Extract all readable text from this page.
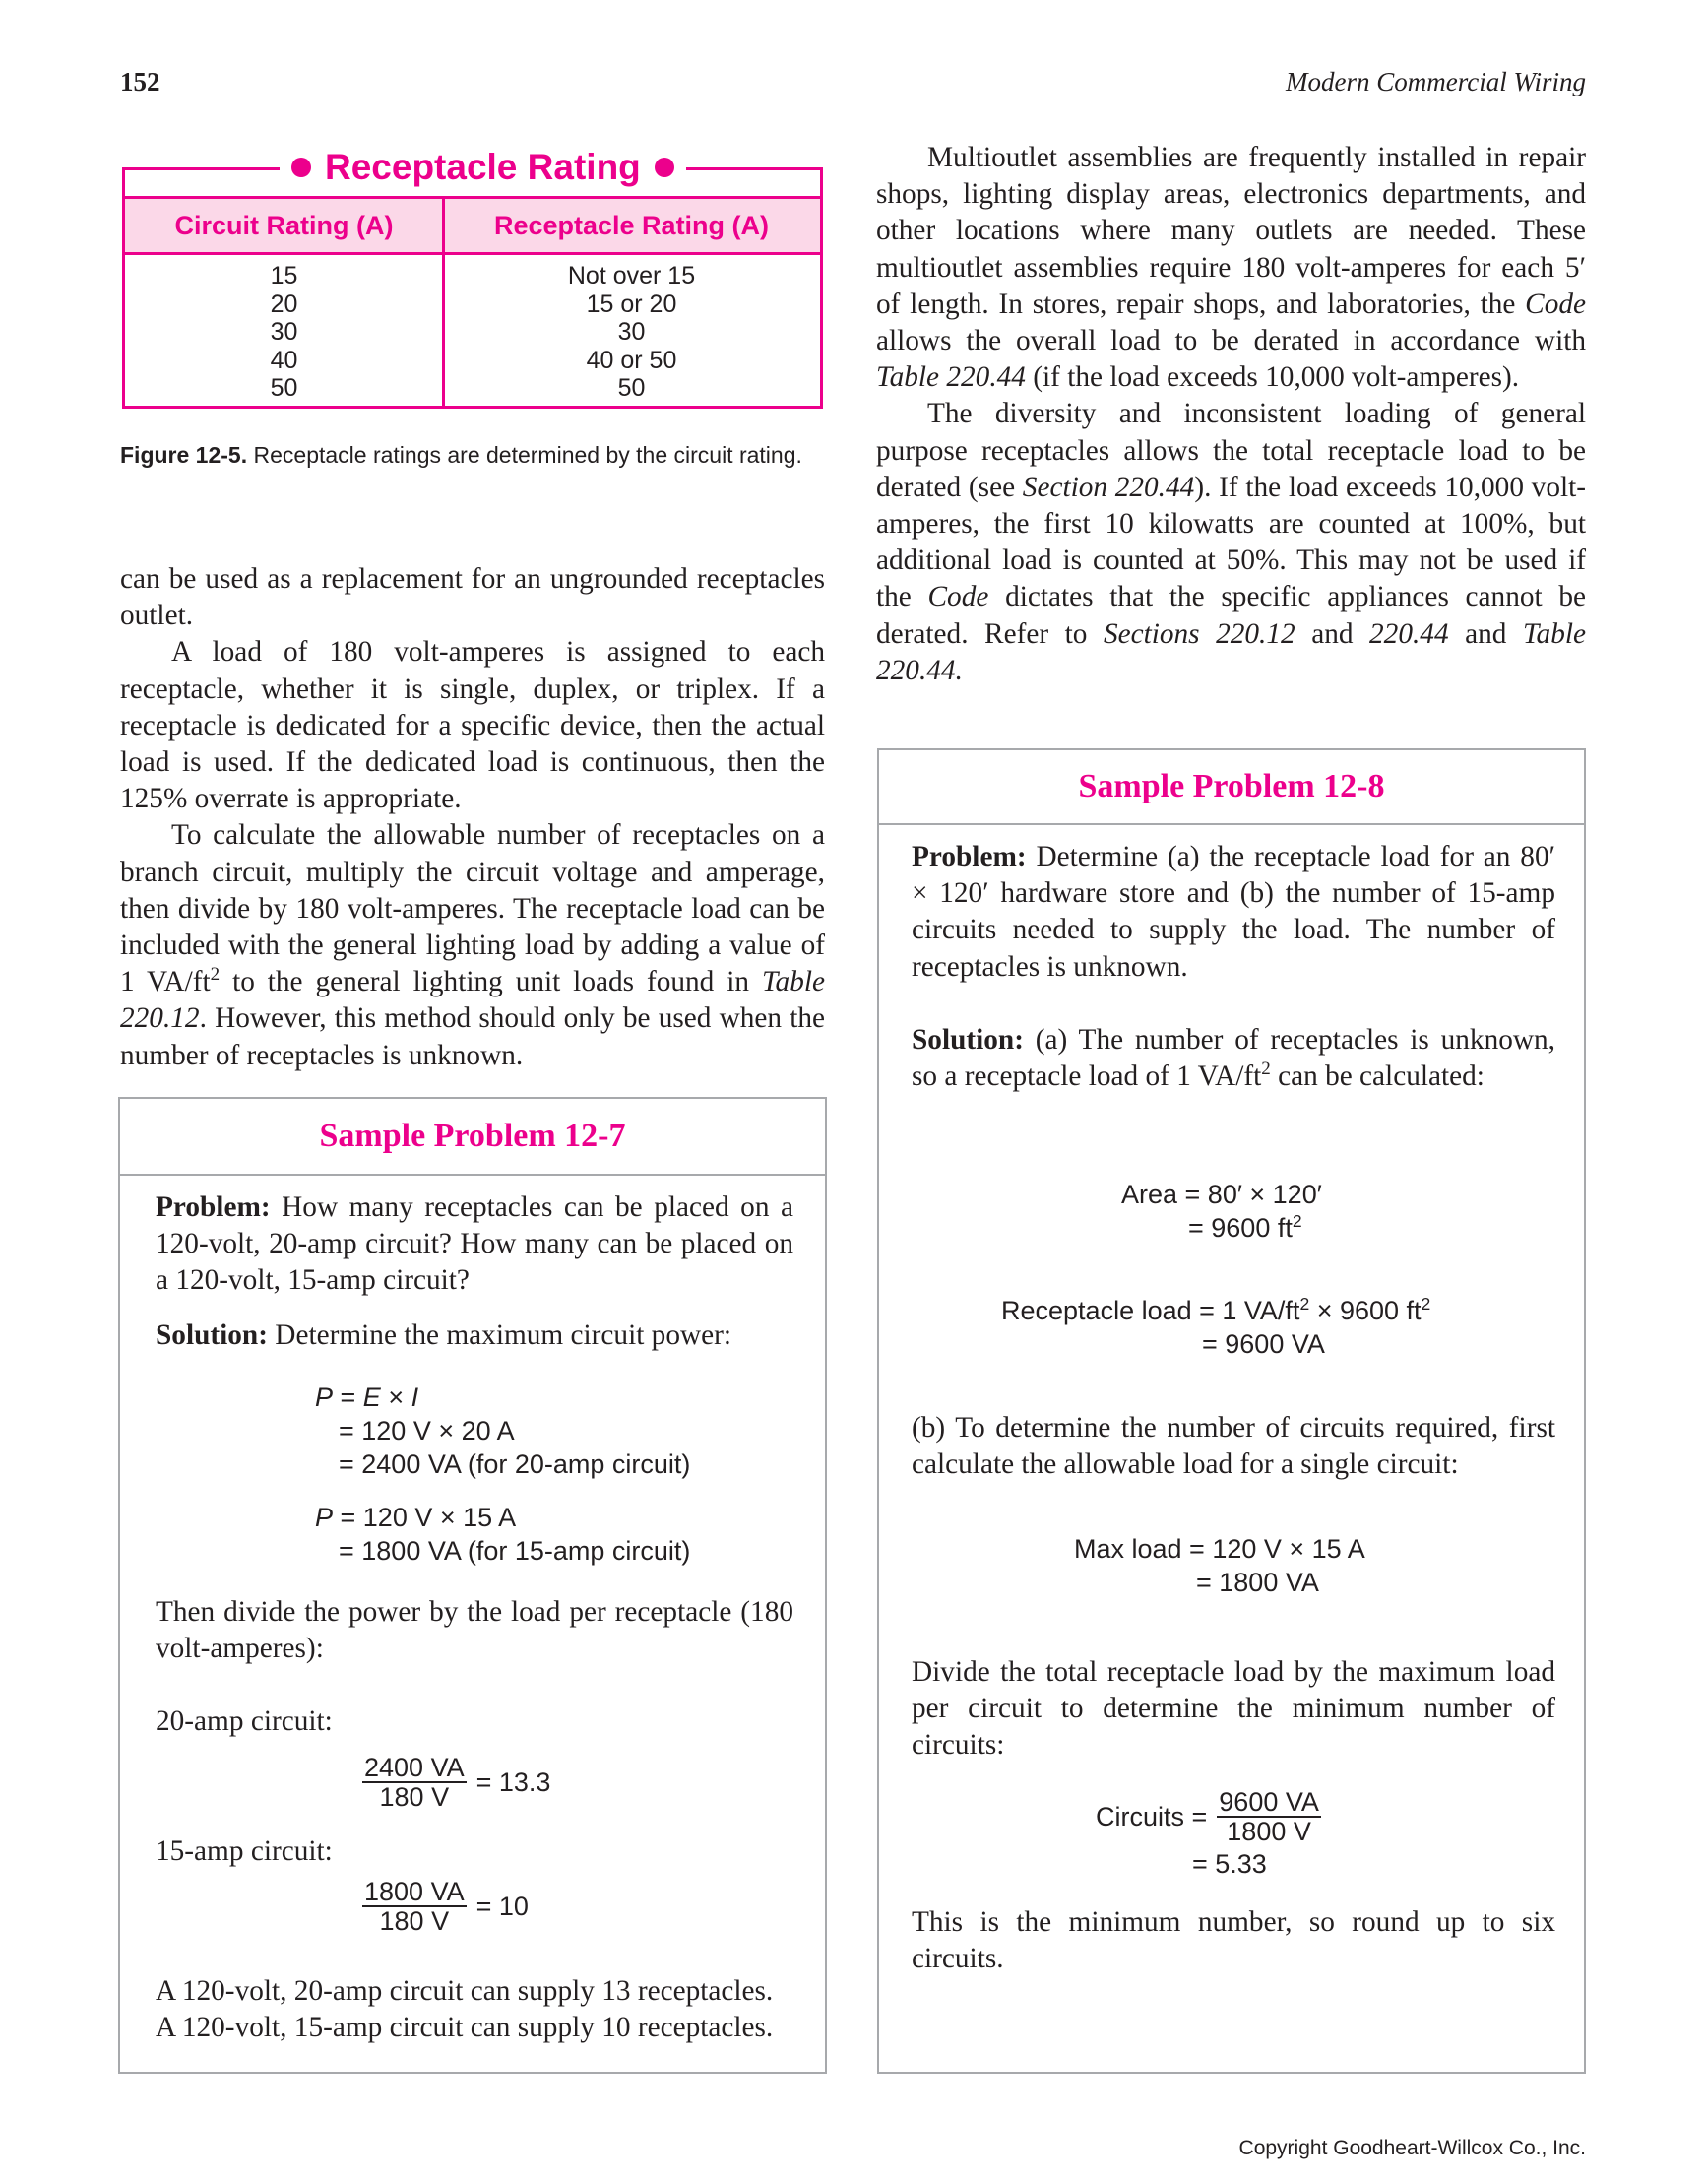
152	Modern Commercial Wiring
Receptacle Rating
Circuit Rating (A)	Receptacle Rating (A)
15
20
30
40
50
Not over 15
15 or 20
30
40 or 50
50
Figure 12-5. Receptacle ratings are determined by the circuit rating.
can be used as a replacement for an ungrounded receptacles outlet.
A load of 180 volt-amperes is assigned to each receptacle, whether it is single, duplex, or triplex. If a receptacle is dedicated for a specific device, then the actual load is used. If the dedicated load is continuous, then the 125% overrate is appropriate.
To calculate the allowable number of receptacles on a branch circuit, multiply the circuit voltage and amperage, then divide by 180 volt-amperes. The receptacle load can be included with the general lighting load by adding a value of 1 $VA/ft^2$ to the general lighting unit loads found in Table 220.12. However, this method should only be used when the number of receptacles is unknown.
Multioutlet assemblies are frequently installed in repair shops, lighting display areas, electronics departments, and other locations where many outlets are needed. These multioutlet assemblies require 180 volt-amperes for each 5′ of length. In stores, repair shops, and laboratories, the Code allows the overall load to be derated in accordance with Table 220.44 (if the load exceeds 10,000 volt-amperes).
The diversity and inconsistent loading of general purpose receptacles allows the total receptacle load to be derated (see Section 220.44). If the load exceeds 10,000 volt-amperes, the first 10 kilowatts are counted at 100%, but additional load is counted at 50%. This may not be used if the Code dictates that the specific appliances cannot be derated. Refer to Sections 220.12 and 220.44 and Table 220.44.
Sample Problem 12-7
Problem: How many receptacles can be placed on a 120-volt, 20-amp circuit? How many can be placed on a 120-volt, 15-amp circuit?
Solution: Determine the maximum circuit power:
P = E × I
= 120 V × 20 A
= 2400 VA (for 20-amp circuit)
P = 120 V × 15 A
= 1800 VA (for 15-amp circuit)
Then divide the power by the load per receptacle (180 volt-amperes):
20-amp circuit:
$\frac{2400 VA}{180 V} = 13.3$
15-amp circuit:
$\frac{1800 VA}{180 V} = 10$
A 120-volt, 20-amp circuit can supply 13 receptacles.
A 120-volt, 15-amp circuit can supply 10 receptacles.
Sample Problem 12-8
Problem: Determine (a) the receptacle load for an 80′ × 120′ hardware store and (b) the number of 15-amp circuits needed to supply the load. The number of receptacles is unknown.
Solution: (a) The number of receptacles is unknown, so a receptacle load of 1 $VA/ft^2$ can be calculated:
Area = 80′ × 120′
= 9600 $ft^2$
Receptacle load = 1 $VA/ft^2 \times 9600$ $ft^2$
= 9600 VA
(b) To determine the number of circuits required, first calculate the allowable load for a single circuit:
Max load = 120 V × 15 A
= 1800 VA
Divide the total receptacle load by the maximum load per circuit to determine the minimum number of circuits:
Circuits = $\frac{9600 VA}{1800 V}$
= 5.33
This is the minimum number, so round up to six circuits.
Copyright Goodheart-Willcox Co., Inc.
